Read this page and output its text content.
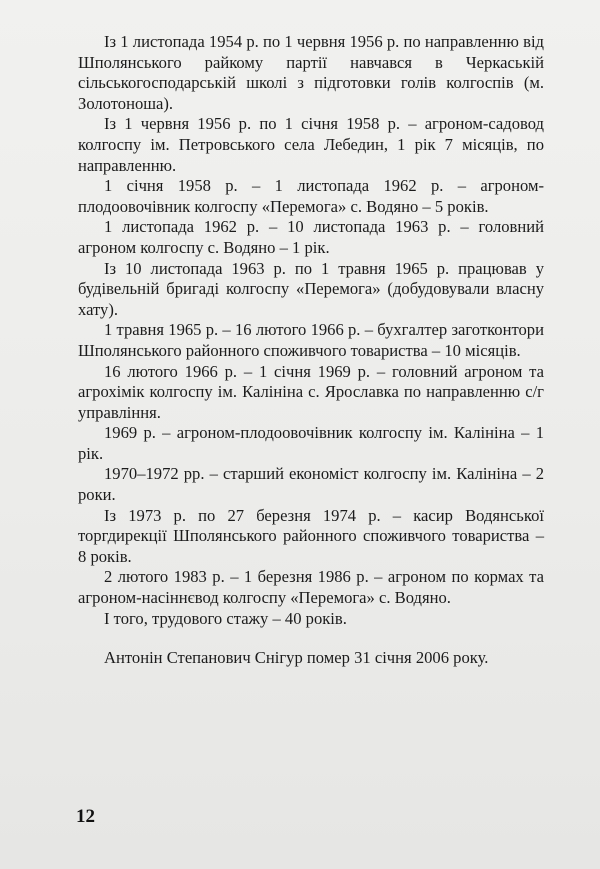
Із 1 листопада 1954 р. по 1 червня 1956 р. по направленню від Шполянського райкому партії навчався в Черкаській сільськогосподарській школі з підготовки голів колгоспів (м. Золотоноша).

Із 1 червня 1956 р. по 1 січня 1958 р. – агроном-садовод колгоспу ім. Петровського села Лебедин, 1 рік 7 місяців, по направленню.

1 січня 1958 р. – 1 листопада 1962 р. – агроном-плодоовочівник колгоспу «Перемога» с. Водяно – 5 років.

1 листопада 1962 р. – 10 листопада 1963 р. – головний агроном колгоспу с. Водяно – 1 рік.

Із 10 листопада 1963 р. по 1 травня 1965 р. працював у будівельній бригаді колгоспу «Перемога» (добудовували власну хату).

1 травня 1965 р. – 16 лютого 1966 р. – бухгалтер заготконтори Шполянського районного споживчого товариства – 10 місяців.

16 лютого 1966 р. – 1 січня 1969 р. – головний агроном та агрохімік колгоспу ім. Калініна с. Ярославка по направленню с/г управління.

1969 р. – агроном-плодоовочівник колгоспу ім. Калініна – 1 рік.

1970–1972 рр. – старший економіст колгоспу ім. Калініна – 2 роки.

Із 1973 р. по 27 березня 1974 р. – касир Водянської торгдирекції Шполянського районного споживчого товариства – 8 років.

2 лютого 1983 р. – 1 березня 1986 р. – агроном по кормах та агроном-насіннєвод колгоспу «Перемога» с. Водяно.

І того, трудового стажу – 40 років.

Антонін Степанович Снігур помер 31 січня 2006 року.

12
